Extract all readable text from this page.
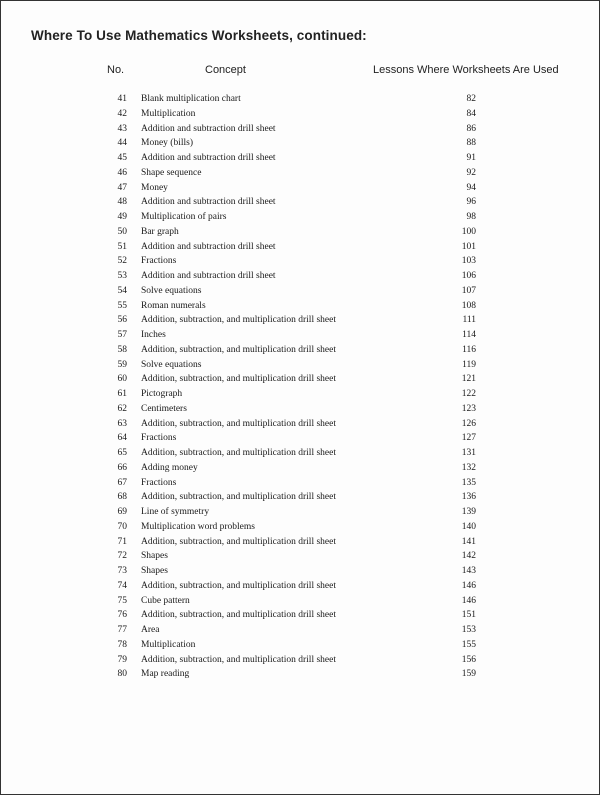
Where To Use Mathematics Worksheets, continued:
No.	Concept	Lessons Where Worksheets Are Used
41 Blank multiplication chart	82
42 Multiplication	84
43 Addition and subtraction drill sheet	86
44 Money (bills)	88
45 Addition and subtraction drill sheet	91
46 Shape sequence	92
47 Money	94
48 Addition and subtraction drill sheet	96
49 Multiplication of pairs	98
50 Bar graph	100
51 Addition and subtraction drill sheet	101
52 Fractions	103
53 Addition and subtraction drill sheet	106
54 Solve equations	107
55 Roman numerals	108
56 Addition, subtraction, and multiplication drill sheet	111
57 Inches	114
58 Addition, subtraction, and multiplication drill sheet	116
59 Solve equations	119
60 Addition, subtraction, and multiplication drill sheet	121
61 Pictograph	122
62 Centimeters	123
63 Addition, subtraction, and multiplication drill sheet	126
64 Fractions	127
65 Addition, subtraction, and multiplication drill sheet	131
66 Adding money	132
67 Fractions	135
68 Addition, subtraction, and multiplication drill sheet	136
69 Line of symmetry	139
70 Multiplication word problems	140
71 Addition, subtraction, and multiplication drill sheet	141
72 Shapes	142
73 Shapes	143
74 Addition, subtraction, and multiplication drill sheet	146
75 Cube pattern	146
76 Addition, subtraction, and multiplication drill sheet	151
77 Area	153
78 Multiplication	155
79 Addition, subtraction, and multiplication drill sheet	156
80 Map reading	159
